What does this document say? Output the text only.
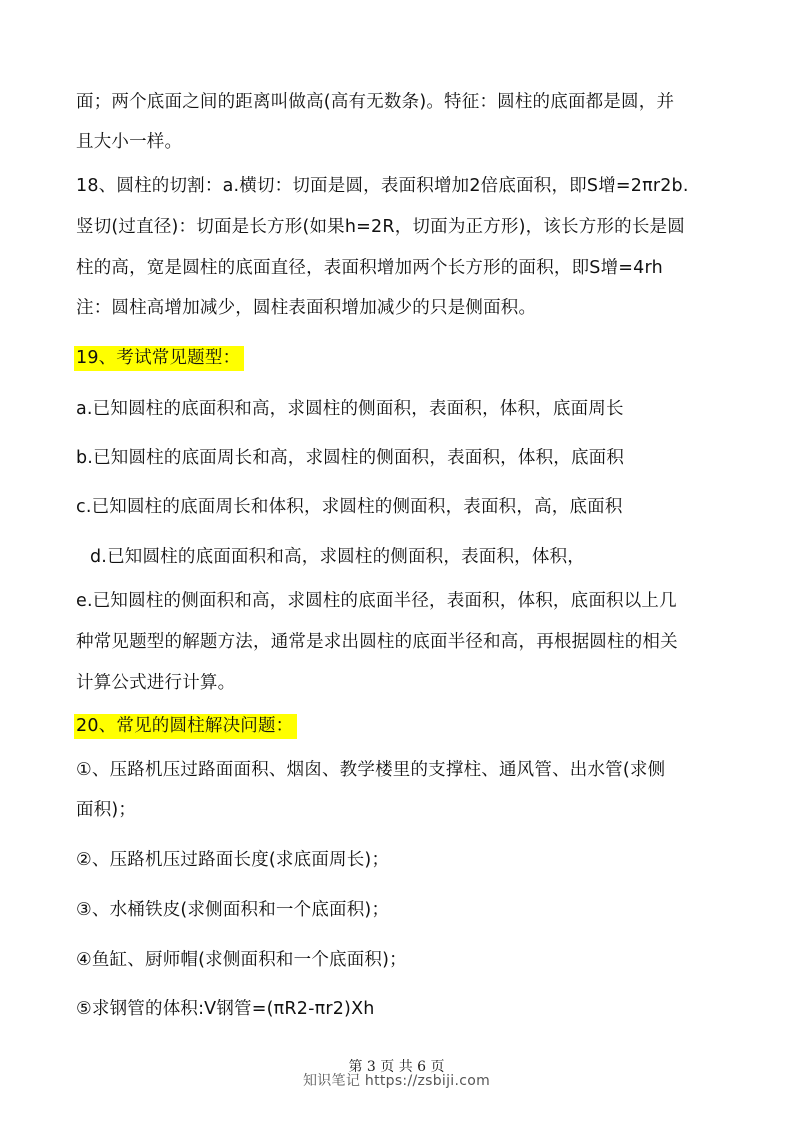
面；两个底面之间的距离叫做高(高有无数条)。特征：圆柱的底面都是圆，并
且大小一样。
18、圆柱的切割：a.横切：切面是圆，表面积增加2倍底面积，即S增=2πr2b.
竖切(过直径)：切面是长方形(如果h=2R，切面为正方形)，该长方形的长是圆
柱的高，宽是圆柱的底面直径，表面积增加两个长方形的面积，即S增=4rh
注：圆柱高增加减少，圆柱表面积增加减少的只是侧面积。
19、考试常见题型：
a.已知圆柱的底面积和高，求圆柱的侧面积，表面积，体积，底面周长
b.已知圆柱的底面周长和高，求圆柱的侧面积，表面积，体积，底面积
c.已知圆柱的底面周长和体积，求圆柱的侧面积，表面积，高，底面积
d.已知圆柱的底面面积和高，求圆柱的侧面积，表面积，体积，
e.已知圆柱的侧面积和高，求圆柱的底面半径，表面积，体积，底面积以上几
种常见题型的解题方法，通常是求出圆柱的底面半径和高，再根据圆柱的相关
计算公式进行计算。
20、常见的圆柱解决问题：
①、压路机压过路面面积、烟囱、教学楼里的支撑柱、通风管、出水管(求侧
面积)；
②、压路机压过路面长度(求底面周长)；
③、水桶铁皮(求侧面积和一个底面积)；
④鱼缸、厨师帽(求侧面积和一个底面积)；
⑤求钢管的体积:V钢管=(πR2-πr2)Xh
第 3 页 共 6 页
知识笔记 https://zsbiji.com
